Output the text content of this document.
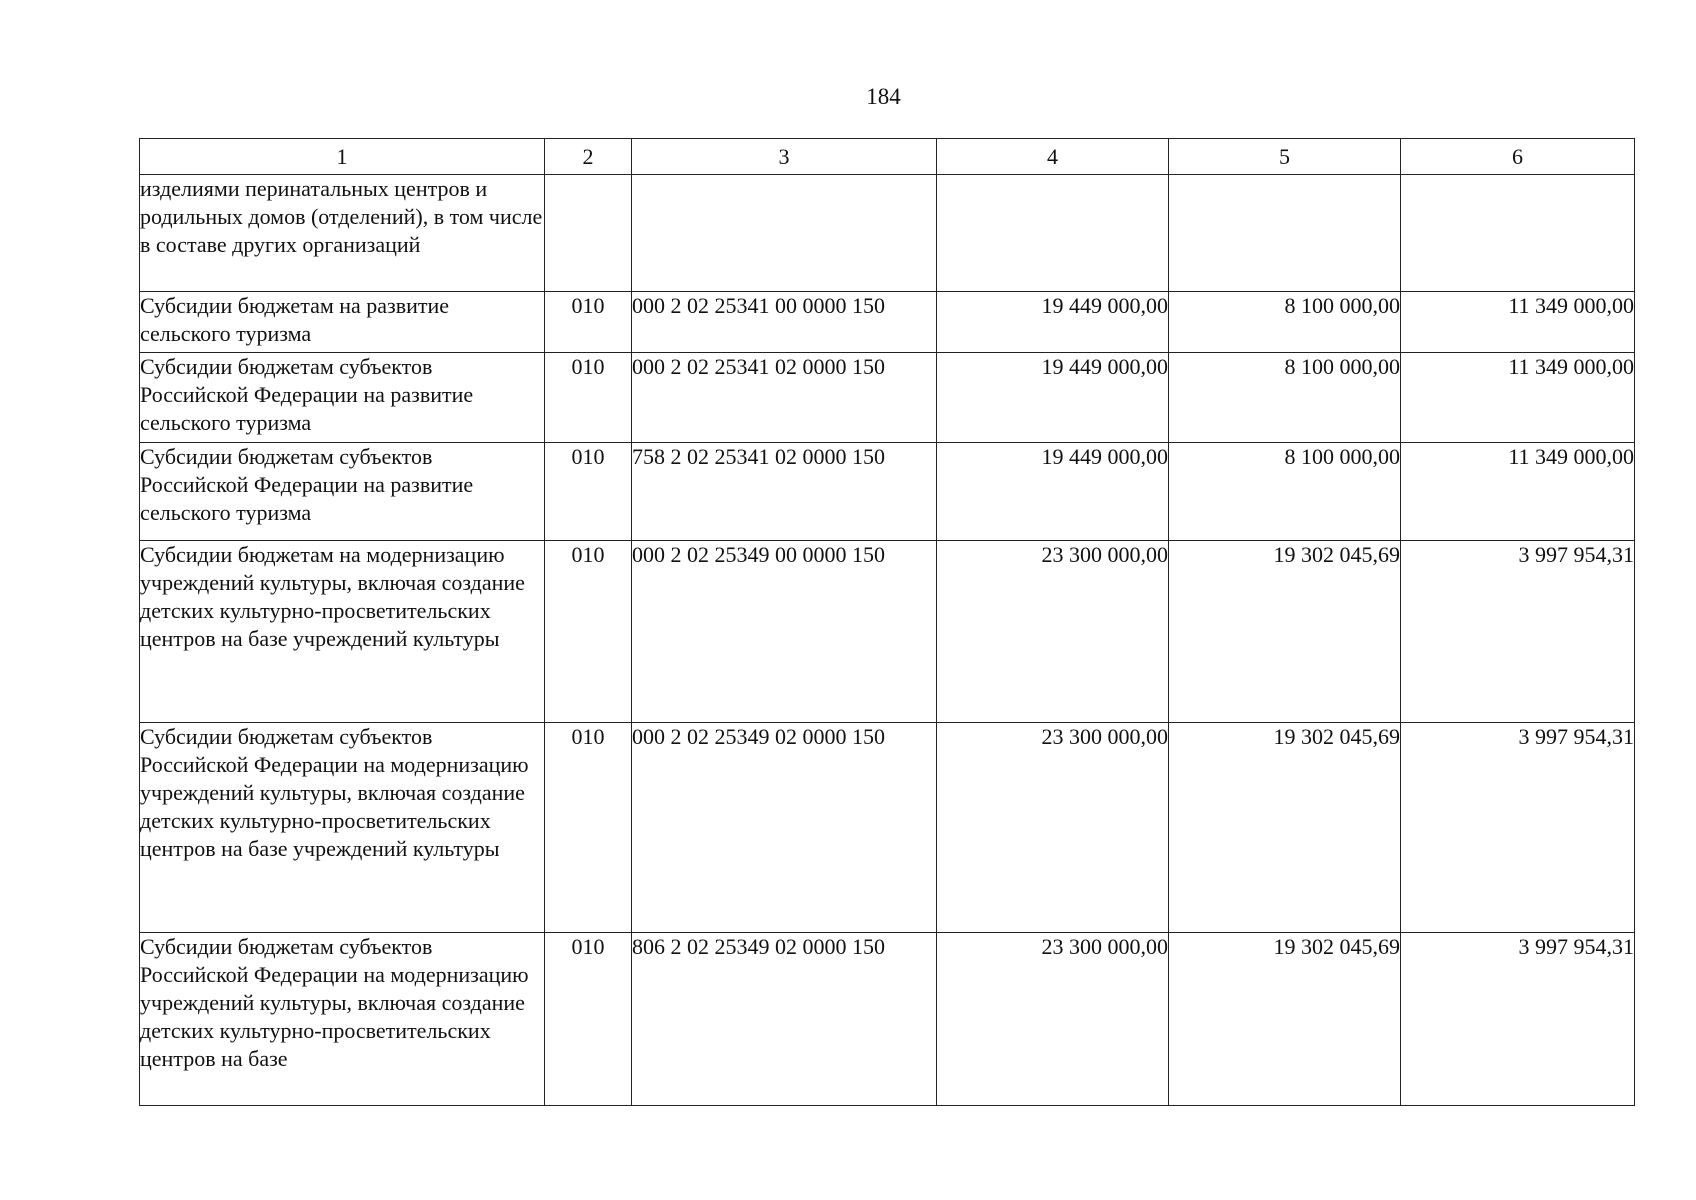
184
1	2	3	4	5	6
изделиями перинатальных центров и родильных домов (отделений), в том числе в составе других организаций					
Субсидии бюджетам на развитие сельского туризма	010	000 2 02 25341 00 0000 150	19 449 000,00	8 100 000,00	11 349 000,00
Субсидии бюджетам субъектов Российской Федерации на развитие сельского туризма	010	000 2 02 25341 02 0000 150	19 449 000,00	8 100 000,00	11 349 000,00
Субсидии бюджетам субъектов Российской Федерации на развитие сельского туризма	010	758 2 02 25341 02 0000 150	19 449 000,00	8 100 000,00	11 349 000,00
Субсидии бюджетам на модернизацию учреждений культуры, включая создание детских культурно-просветительских центров на базе учреждений культуры	010	000 2 02 25349 00 0000 150	23 300 000,00	19 302 045,69	3 997 954,31
Субсидии бюджетам субъектов Российской Федерации на модернизацию учреждений культуры, включая создание детских культурно-просветительских центров на базе учреждений культуры	010	000 2 02 25349 02 0000 150	23 300 000,00	19 302 045,69	3 997 954,31
Субсидии бюджетам субъектов Российской Федерации на модернизацию учреждений культуры, включая создание детских культурно-просветительских центров на базе	010	806 2 02 25349 02 0000 150	23 300 000,00	19 302 045,69	3 997 954,31
